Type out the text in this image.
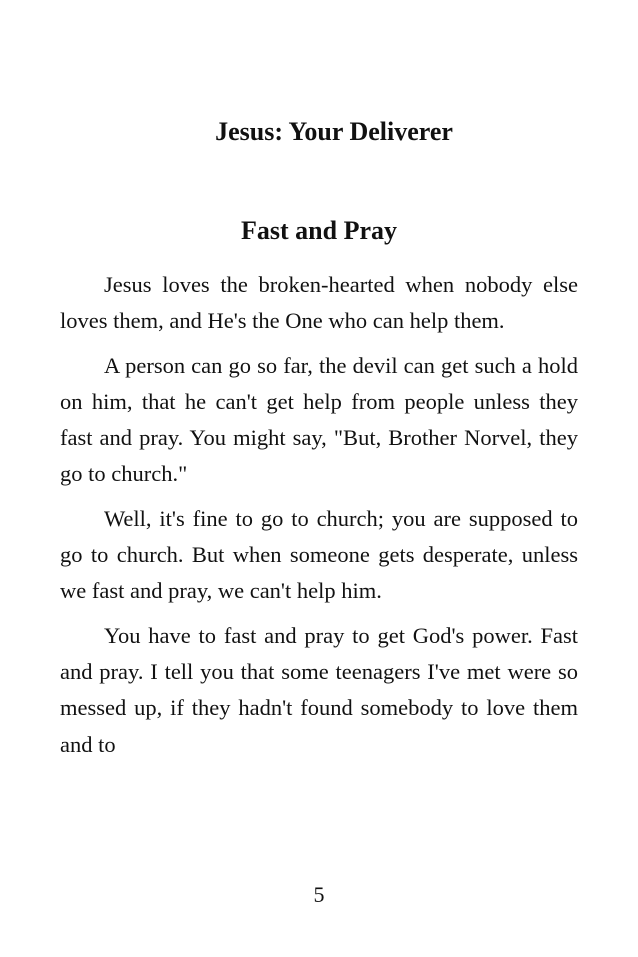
Jesus: Your Deliverer
Fast and Pray

Jesus loves the broken-hearted when nobody else loves them, and He's the One who can help them.

A person can go so far, the devil can get such a hold on him, that he can't get help from people unless they fast and pray. You might say, "But, Brother Norvel, they go to church."

Well, it's fine to go to church; you are supposed to go to church. But when someone gets desperate, unless we fast and pray, we can't help him.

You have to fast and pray to get God's power. Fast and pray. I tell you that some teenagers I've met were so messed up, if they hadn't found somebody to love them and to

5
